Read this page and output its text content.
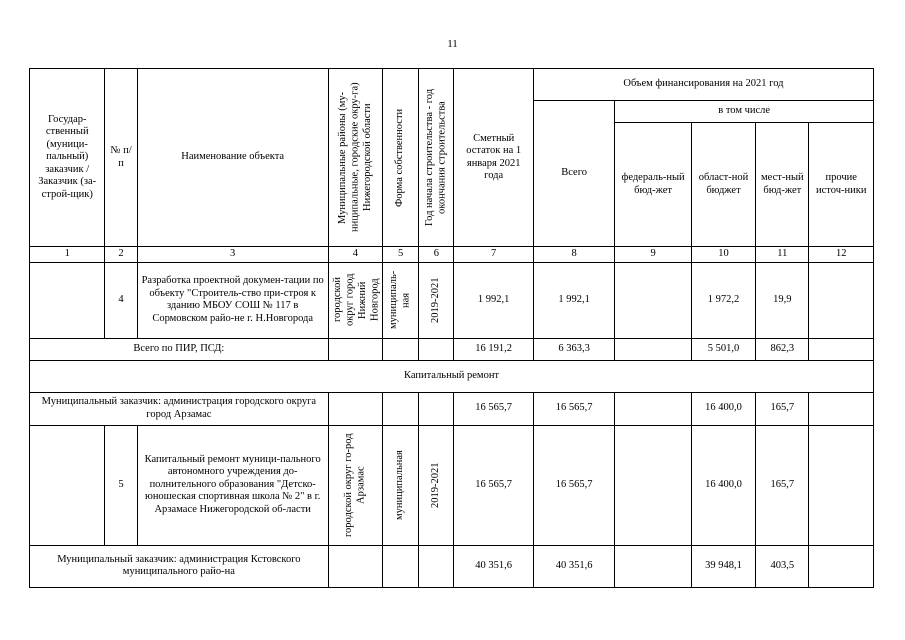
11
Государ-ственный (муници-пальный) заказчик / Заказчик (за-строй-щик)	№ п/п	Наименование объекта	Муниципальные районы (му-ниципальные, городские окру-га) Нижегородской области	Форма собственности	Год начала строительства - год окончания строительства	Сметный остаток на 1 января 2021 года	Объем финансирования на 2021 год				
							Всего	в том числе			
								федераль-ный бюд-жет	област-ной бюджет	мест-ный бюд-жет	прочие источ-ники
1	2	3	4	5	6	7	8	9	10	11	12
	4	Разработка проектной докумен-тации по объекту "Строитель-ство при-строя к зданию МБОУ СОШ № 117 в Сормовском райо-не г. Н.Новгорода	городской округ город Нижний Новгород	муниципаль-ная	2019-2021	1 992,1	1 992,1		1 972,2	19,9	
Всего по ПИР, ПСД:						16 191,2	6 363,3		5 501,0	862,3	
Капитальный ремонт											
Муниципальный заказчик: администрация городского округа город Арзамас						16 565,7	16 565,7		16 400,0	165,7	
	5	Капитальный ремонт муници-пального автономного учреждения до-полнительного образования "Детско-юношеская спортивная школа № 2" в г. Арзамасе Нижегородской об-ласти	городской округ го-род Арзамас	муниципальная	2019-2021	16 565,7	16 565,7		16 400,0	165,7	
Муниципальный заказчик: администрация Кстовского муниципального райо-на						40 351,6	40 351,6		39 948,1	403,5	
